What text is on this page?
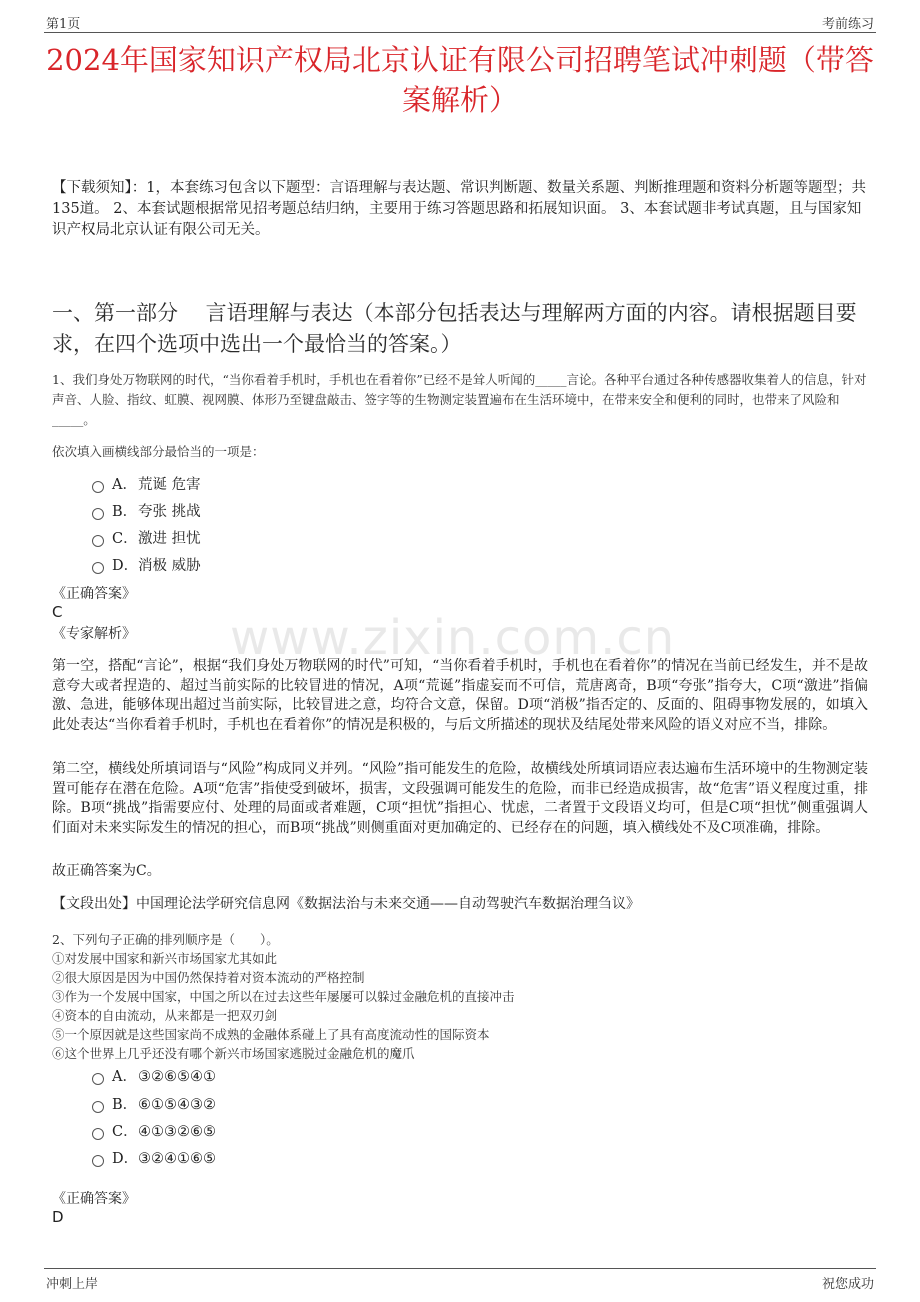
第1页	考前练习
2024年国家知识产权局北京认证有限公司招聘笔试冲刺题（带答案解析）
【下载须知】：1，本套练习包含以下题型：言语理解与表达题、常识判断题、数量关系题、判断推理题和资料分析题等题型；共135道。 2、本套试题根据常见招考题总结归纳，主要用于练习答题思路和拓展知识面。 3、本套试题非考试真题，且与国家知识产权局北京认证有限公司无关。
一、第一部分　 言语理解与表达（本部分包括表达与理解两方面的内容。请根据题目要求，在四个选项中选出一个最恰当的答案。）
www.zixin.com.cn
1、我们身处万物联网的时代，“当你看着手机时，手机也在看着你”已经不是耸人听闻的_____言论。各种平台通过各种传感器收集着人的信息，针对声音、人脸、指纹、虹膜、视网膜、体形乃至键盘敲击、签字等的生物测定装置遍布在生活环境中，在带来安全和便利的同时，也带来了风险和_____。
依次填入画横线部分最恰当的一项是：
A．荒诞 危害
B．夸张 挑战
C．激进 担忧
D．消极 威胁
《正确答案》
C
《专家解析》
第一空，搭配“言论”，根据“我们身处万物联网的时代”可知，“当你看着手机时，手机也在看着你”的情况在当前已经发生，并不是故意夸大或者捏造的、超过当前实际的比较冒进的情况，A项“荒诞”指虚妄而不可信，荒唐离奇，B项“夸张”指夸大，C项“激进”指偏激、急进，能够体现出超过当前实际，比较冒进之意，均符合文意，保留。D项“消极”指否定的、反面的、阻碍事物发展的，如填入此处表达“当你看着手机时，手机也在看着你”的情况是积极的，与后文所描述的现状及结尾处带来风险的语义对应不当，排除。
第二空，横线处所填词语与“风险”构成同义并列。“风险”指可能发生的危险，故横线处所填词语应表达遍布生活环境中的生物测定装置可能存在潜在危险。A项“危害”指使受到破坏，损害，文段强调可能发生的危险，而非已经造成损害，故“危害”语义程度过重，排除。B项“挑战”指需要应付、处理的局面或者难题，C项“担忧”指担心、忧虑，二者置于文段语义均可，但是C项“担忧”侧重强调人们面对未来实际发生的情况的担心，而B项“挑战”则侧重面对更加确定的、已经存在的问题，填入横线处不及C项准确，排除。
故正确答案为C。
【文段出处】中国理论法学研究信息网《数据法治与未来交通——自动驾驶汽车数据治理刍议》
2、下列句子正确的排列顺序是（　　）。
①对发展中国家和新兴市场国家尤其如此
②很大原因是因为中国仍然保持着对资本流动的严格控制
③作为一个发展中国家，中国之所以在过去这些年屡屡可以躲过金融危机的直接冲击
④资本的自由流动，从来都是一把双刃剑
⑤一个原因就是这些国家尚不成熟的金融体系碰上了具有高度流动性的国际资本
⑥这个世界上几乎还没有哪个新兴市场国家逃脱过金融危机的魔爪
A．③②⑥⑤④①
B．⑥①⑤④③②
C．④①③②⑥⑤
D．③②④①⑥⑤
《正确答案》
D
冲刺上岸	祝您成功
